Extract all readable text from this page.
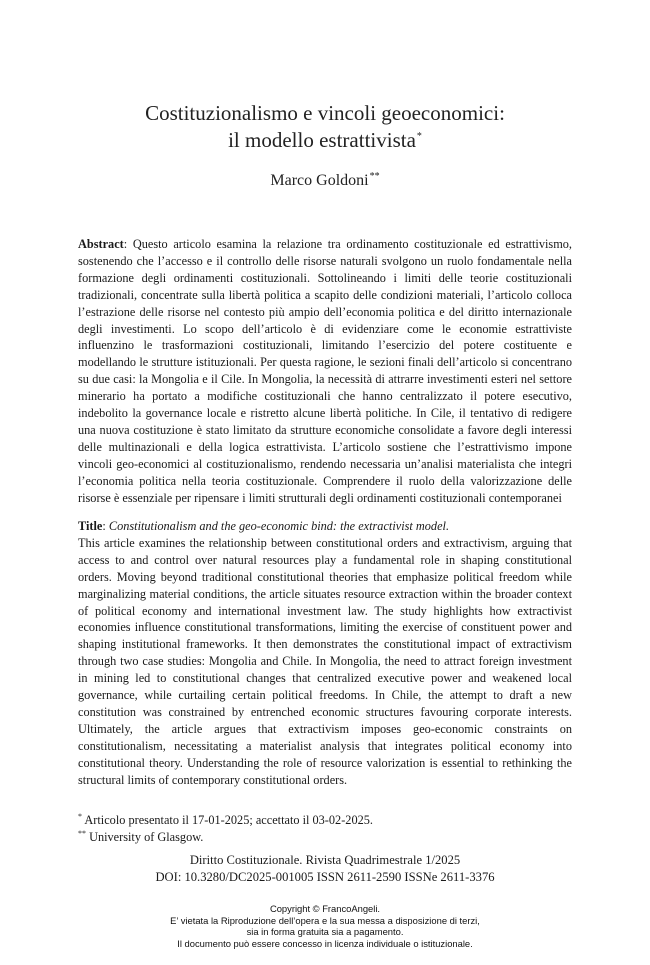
Costituzionalismo e vincoli geoeconomici:
il modello estrattivista*
Marco Goldoni**
Abstract: Questo articolo esamina la relazione tra ordinamento costituzionale ed estrattivismo, sostenendo che l’accesso e il controllo delle risorse naturali svolgono un ruolo fondamentale nella formazione degli ordinamenti costituzionali. Sottolineando i limiti delle teorie costituzionali tradizionali, concentrate sulla libertà politica a scapito delle condizioni materiali, l’articolo colloca l’estrazione delle risorse nel contesto più ampio dell’economia politica e del diritto internazionale degli investimenti. Lo scopo dell’articolo è di evidenziare come le economie estrattiviste influenzino le trasformazioni costituzionali, limitando l’esercizio del potere costituente e modellando le strutture istituzionali. Per questa ragione, le sezioni finali dell’articolo si concentrano su due casi: la Mongolia e il Cile. In Mongolia, la necessità di attrarre investimenti esteri nel settore minerario ha portato a modifiche costituzionali che hanno centralizzato il potere esecutivo, indebolito la governance locale e ristretto alcune libertà politiche. In Cile, il tentativo di redigere una nuova costituzione è stato limitato da strutture economiche consolidate a favore degli interessi delle multinazionali e della logica estrattivista. L’articolo sostiene che l’estrattivismo impone vincoli geo-economici al costituzionalismo, rendendo necessaria un’analisi materialista che integri l’economia politica nella teoria costituzionale. Comprendere il ruolo della valorizzazione delle risorse è essenziale per ripensare i limiti strutturali degli ordinamenti costituzionali contemporanei
Title: Constitutionalism and the geo-economic bind: the extractivist model.
This article examines the relationship between constitutional orders and extractivism, arguing that access to and control over natural resources play a fundamental role in shaping constitutional orders. Moving beyond traditional constitutional theories that emphasize political freedom while marginalizing material conditions, the article situates resource extraction within the broader context of political economy and international investment law. The study highlights how extractivist economies influence constitutional transformations, limiting the exercise of constituent power and shaping institutional frameworks. It then demonstrates the constitutional impact of extractivism through two case studies: Mongolia and Chile. In Mongolia, the need to attract foreign investment in mining led to constitutional changes that centralized executive power and weakened local governance, while curtailing certain political freedoms. In Chile, the attempt to draft a new constitution was constrained by entrenched economic structures favouring corporate interests. Ultimately, the article argues that extractivism imposes geo-economic constraints on constitutionalism, necessitating a materialist analysis that integrates political economy into constitutional theory. Understanding the role of resource valorization is essential to rethinking the structural limits of contemporary constitutional orders.
* Articolo presentato il 17-01-2025; accettato il 03-02-2025.
** University of Glasgow.
Diritto Costituzionale. Rivista Quadrimestrale 1/2025
DOI: 10.3280/DC2025-001005 ISSN 2611-2590 ISSNe 2611-3376
Copyright © FrancoAngeli.
E’ vietata la Riproduzione dell’opera e la sua messa a disposizione di terzi,
sia in forma gratuita sia a pagamento.
Il documento può essere concesso in licenza individuale o istituzionale.
